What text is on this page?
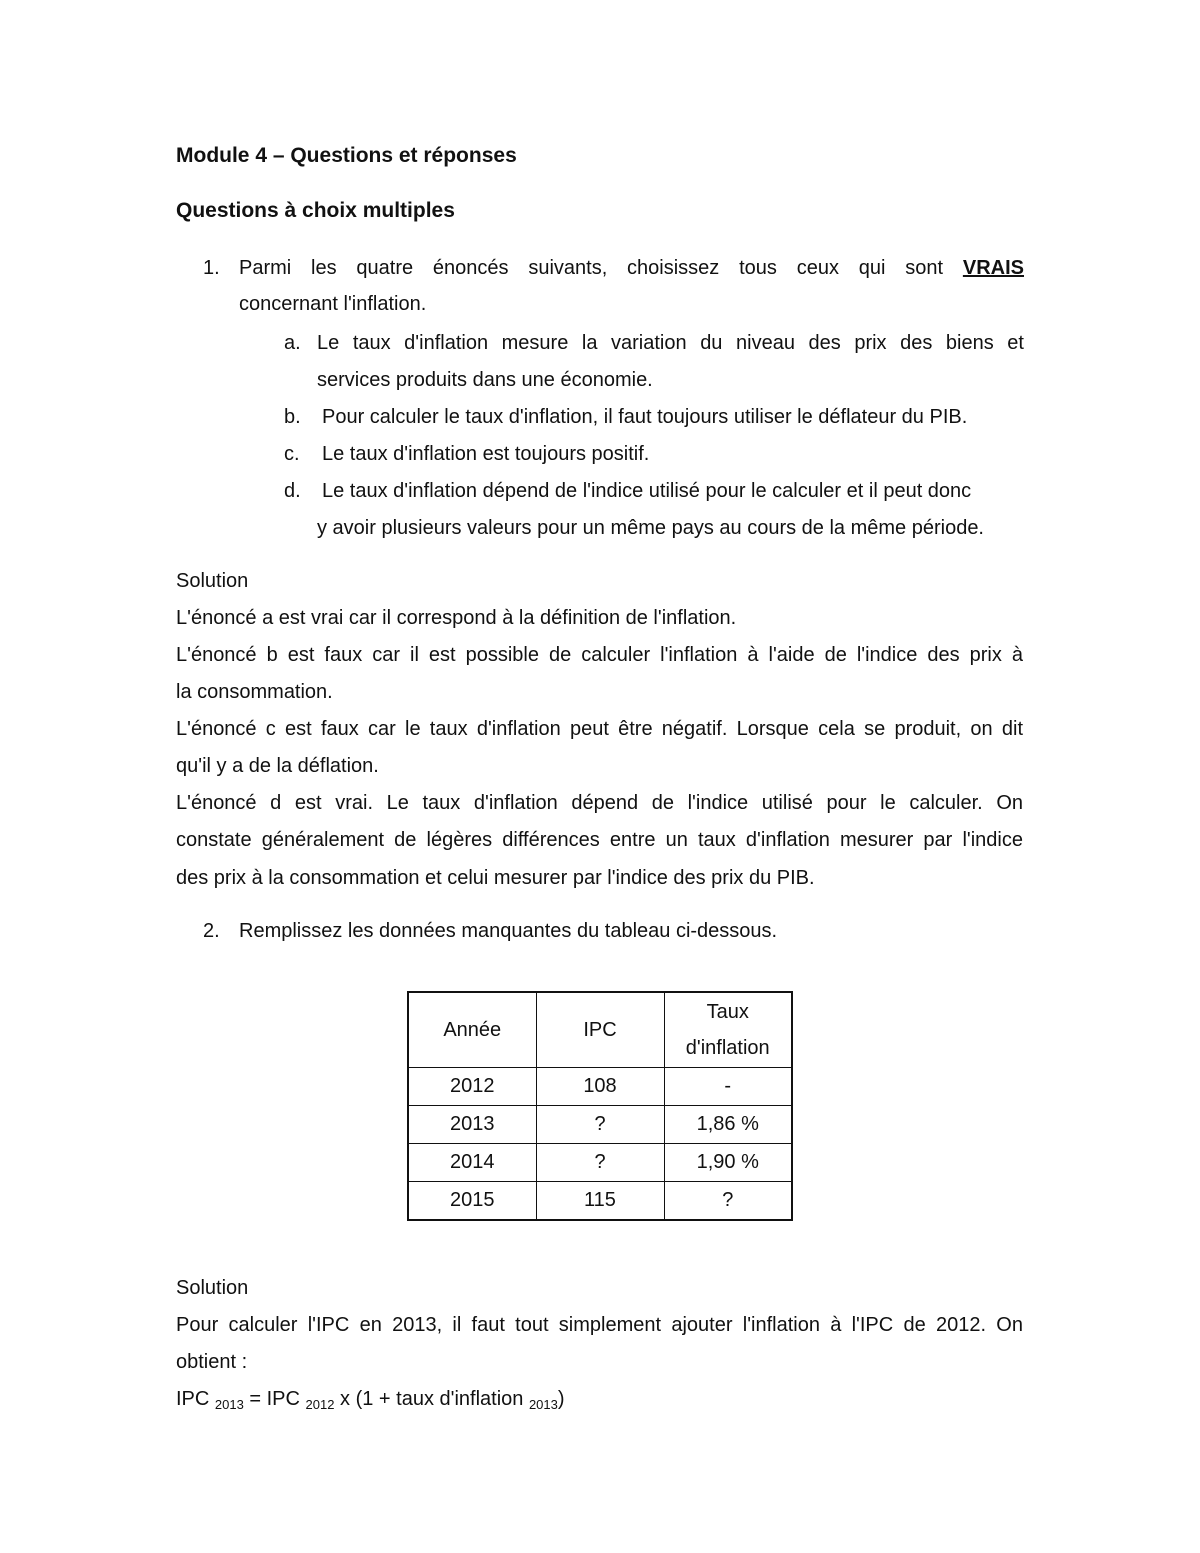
Module 4 – Questions et réponses
Questions à choix multiples
1. Parmi les quatre énoncés suivants, choisissez tous ceux qui sont VRAIS
concernant l'inflation.
a. Le taux d'inflation mesure la variation du niveau des prix des biens et
services produits dans une économie.
b. Pour calculer le taux d'inflation, il faut toujours utiliser le déflateur du PIB.
c. Le taux d'inflation est toujours positif.
d. Le taux d'inflation dépend de l'indice utilisé pour le calculer et il peut donc
y avoir plusieurs valeurs pour un même pays au cours de la même période.
Solution
L'énoncé a est vrai car il correspond à la définition de l'inflation.
L'énoncé b est faux car il est possible de calculer l'inflation à l'aide de l'indice des prix à
la consommation.
L'énoncé c est faux car le taux d'inflation peut être négatif. Lorsque cela se produit, on dit
qu'il y a de la déflation.
L'énoncé d est vrai. Le taux d'inflation dépend de l'indice utilisé pour le calculer. On
constate généralement de légères différences entre un taux d'inflation mesurer par l'indice
des prix à la consommation et celui mesurer par l'indice des prix du PIB.
2. Remplissez les données manquantes du tableau ci-dessous.
Année	IPC	Taux
d'inflation
2012	108	-
2013	?	1,86 %
2014	?	1,90 %
2015	115	?
Solution
Pour calculer l'IPC en 2013, il faut tout simplement ajouter l'inflation à l'IPC de 2012. On
obtient :
IPC $_{2013}$ = IPC $_{2012}$ x (1 + taux d'inflation $_{2013}$)
